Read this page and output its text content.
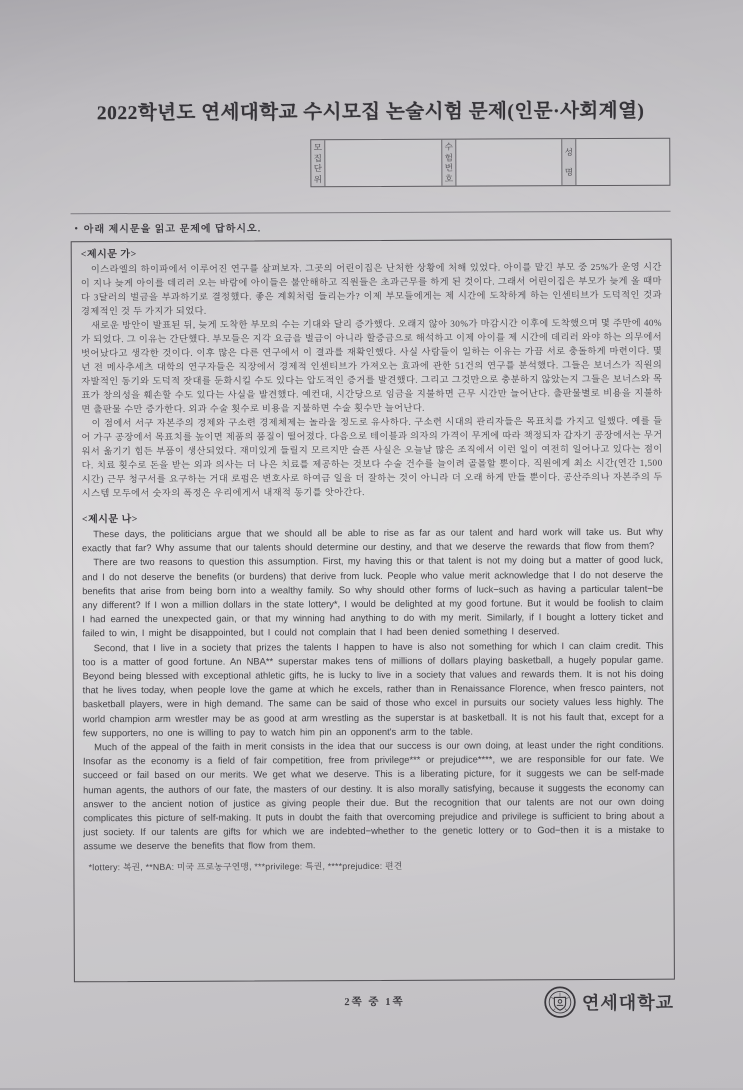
2022학년도 연세대학교 수시모집 논술시험 문제(인문·사회계열)
모집단위
수험번호
성명
• 아래 제시문을 읽고 문제에 답하시오.
<제시문 가>

이스라엘의 하이파에서 이루어진 연구를 살펴보자. 그곳의 어린이집은 난처한 상황에 처해 있었다. 아이를 맡긴 부모 중 25%가 운영 시간이 지나 늦게 아이를 데리러 오는 바람에 아이들은 불안해하고 직원들은 초과근무를 하게 된 것이다. 그래서 어린이집은 부모가 늦게 올 때마다 3달러의 벌금을 부과하기로 결정했다. 좋은 계획처럼 들리는가? 이제 부모들에게는 제 시간에 도착하게 하는 인센티브가 도덕적인 것과 경제적인 것 두 가지가 되었다.

새로운 방안이 발표된 뒤, 늦게 도착한 부모의 수는 기대와 달리 증가했다. 오래지 않아 30%가 마감시간 이후에 도착했으며 몇 주만에 40%가 되었다. 그 이유는 간단했다. 부모들은 지각 요금을 벌금이 아니라 할증금으로 해석하고 이제 아이를 제 시간에 데리러 와야 하는 의무에서 벗어났다고 생각한 것이다. 이후 많은 다른 연구에서 이 결과를 재확인했다. 사실 사람들이 일하는 이유는 가끔 서로 충돌하게 마련이다. 몇 년 전 메사추세츠 대학의 연구자들은 직장에서 경제적 인센티브가 가져오는 효과에 관한 51건의 연구를 분석했다. 그들은 보너스가 직원의 자발적인 동기와 도덕적 잣대를 둔화시킬 수도 있다는 압도적인 증거를 발견했다. 그리고 그것만으로 충분하지 않았는지 그들은 보너스와 목표가 창의성을 훼손할 수도 있다는 사실을 발견했다. 예컨대, 시간당으로 임금을 지불하면 근무 시간만 늘어난다. 출판물별로 비용을 지불하면 출판물 수만 증가한다. 외과 수술 횟수로 비용을 지불하면 수술 횟수만 늘어난다.

이 점에서 서구 자본주의 경제와 구소련 경제체제는 놀라울 정도로 유사하다. 구소련 시대의 관리자들은 목표치를 가지고 일했다. 예를 들어 가구 공장에서 목표치를 높이면 제품의 품질이 떨어졌다. 다음으로 테이블과 의자의 가격이 무게에 따라 책정되자 갑자기 공장에서는 무거워서 옮기기 힘든 부품이 생산되었다. 재미있게 들릴지 모르지만 슬픈 사실은 오늘날 많은 조직에서 이런 일이 여전히 일어나고 있다는 점이다. 치료 횟수로 돈을 받는 외과 의사는 더 나은 치료를 제공하는 것보다 수술 건수를 늘이려 골몰할 뿐이다. 직원에게 최소 시간(연간 1,500시간) 근무 청구서를 요구하는 거대 로펌은 변호사로 하여금 일을 더 잘하는 것이 아니라 더 오래 하게 만들 뿐이다. 공산주의나 자본주의 두 시스템 모두에서 숫자의 폭정은 우리에게서 내재적 동기를 앗아간다.

<제시문 나>

These days, the politicians argue that we should all be able to rise as far as our talent and hard work will take us. But why exactly that far? Why assume that our talents should determine our destiny, and that we deserve the rewards that flow from them?

There are two reasons to question this assumption. First, my having this or that talent is not my doing but a matter of good luck, and I do not deserve the benefits (or burdens) that derive from luck. People who value merit acknowledge that I do not deserve the benefits that arise from being born into a wealthy family. So why should other forms of luck−such as having a particular talent−be any different? If I won a million dollars in the state lottery*, I would be delighted at my good fortune. But it would be foolish to claim I had earned the unexpected gain, or that my winning had anything to do with my merit. Similarly, if I bought a lottery ticket and failed to win, I might be disappointed, but I could not complain that I had been denied something I deserved.

Second, that I live in a society that prizes the talents I happen to have is also not something for which I can claim credit. This too is a matter of good fortune. An NBA** superstar makes tens of millions of dollars playing basketball, a hugely popular game. Beyond being blessed with exceptional athletic gifts, he is lucky to live in a society that values and rewards them. It is not his doing that he lives today, when people love the game at which he excels, rather than in Renaissance Florence, when fresco painters, not basketball players, were in high demand. The same can be said of those who excel in pursuits our society values less highly. The world champion arm wrestler may be as good at arm wrestling as the superstar is at basketball. It is not his fault that, except for a few supporters, no one is willing to pay to watch him pin an opponent's arm to the table.

Much of the appeal of the faith in merit consists in the idea that our success is our own doing, at least under the right conditions. Insofar as the economy is a field of fair competition, free from privilege*** or prejudice****, we are responsible for our fate. We succeed or fail based on our merits. We get what we deserve. This is a liberating picture, for it suggests we can be self-made human agents, the authors of our fate, the masters of our destiny. It is also morally satisfying, because it suggests the economy can answer to the ancient notion of justice as giving people their due. But the recognition that our talents are not our own doing complicates this picture of self-making. It puts in doubt the faith that overcoming prejudice and privilege is sufficient to bring about a just society. If our talents are gifts for which we are indebted−whether to the genetic lottery or to God−then it is a mistake to assume we deserve the benefits that flow from them.

*lottery: 복권, **NBA: 미국 프로농구연맹, ***privilege: 특권, ****prejudice: 편견
2쪽 중 1쪽	연세대학교
